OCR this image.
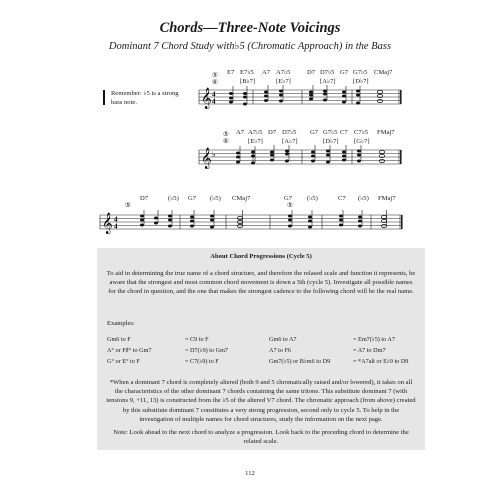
Chords—Three-Note Voicings
Dominant 7 Chord Study with♭5 (Chromatic Approach) in the Bass
Remember: ♭5 is a strong bass note.	𝄞 4
4
⑤
⑥
E7 E7♭5
[B♭7]
A7 A7♭5
[E♭7]
D7 D7♭5
[A♭7]
G7 G7♭5
[D♭7]
CMaj7
𝄞 ♭
⑤
⑥
A7 A7♭5
[E♭7]
D7 D7♭5
[A♭7]
G7 G7♭5
[D♭7]
C7 C7♭5
[G♭7]
FMaj7
𝄞 4
4
⑤	⑤
D7	(♭5) G7 (♭5) CMaj7	G7 (♭5)	C7 (♭5) FMaj7
About Chord Progressions (Cycle 5)
To aid in determining the true name of a chord structure, and therefore the relased scale and function it represents, be aware that the strongest and most common chord movement is down a 5th (cycle 5). Investigate all possible names for the chord in question, and the one that makes the strongest cadence to the following chord will be the real name.
Examples:
Gm6 to F	= C9 to F	Gm6 to A7	= Em7(♭5) to A7
A° or F♯° to Gm7	= D7(♭9) to Gm7	A7 to F6	= A7 to Dm7
G° or E° to F	= C7(♭9) to F	Gm7(♭5) or B♭m6 to D9	= *A7alt or E♭9 to D9
*When a dominant 7 chord is completely altered (both 9 and 5 chromatically raised and/or lowered), it takes on all the characteristics of the other dominant 7 chords containing the same tritone. This substitute dominant 7 (with tensions 9, +11, 13) is constructed from the ♭5 of the altered V7 chord. The chromatic approach (from above) created by this substitute dominant 7 constitutes a very strong progression, second only to cycle 5. To help in the investigation of multiple names for chord structures, study the information on the next page.
Note: Look ahead to the next chord to analyze a progression. Look back to the preceding chord to determine the related scale.
112
